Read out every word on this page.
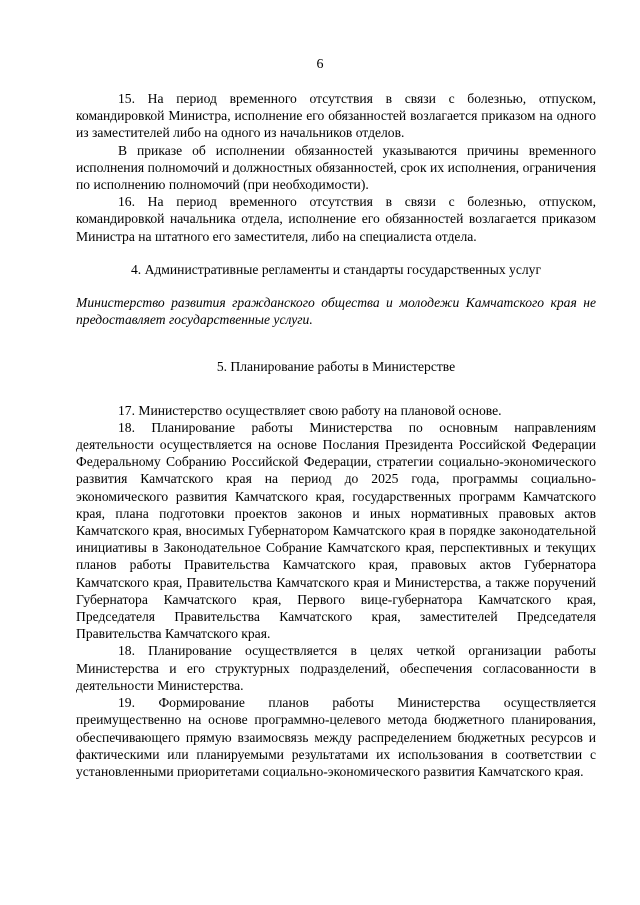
6

15. На период временного отсутствия в связи с болезнью, отпуском, командировкой Министра, исполнение его обязанностей возлагается приказом на одного из заместителей либо на одного из начальников отделов.

В приказе об исполнении обязанностей указываются причины временного исполнения полномочий и должностных обязанностей, срок их исполнения, ограничения по исполнению полномочий (при необходимости).

16. На период временного отсутствия в связи с болезнью, отпуском, командировкой начальника отдела, исполнение его обязанностей возлагается приказом Министра на штатного его заместителя, либо на специалиста отдела.

4. Административные регламенты и стандарты государственных услуг

Министерство развития гражданского общества и молодежи Камчатского края не предоставляет государственные услуги.

5. Планирование работы в Министерстве

17. Министерство осуществляет свою работу на плановой основе.

18. Планирование работы Министерства по основным направлениям деятельности осуществляется на основе Послания Президента Российской Федерации Федеральному Собранию Российской Федерации, стратегии социально-экономического развития Камчатского края на период до 2025 года, программы социально-экономического развития Камчатского края, государственных программ Камчатского края, плана подготовки проектов законов и иных нормативных правовых актов Камчатского края, вносимых Губернатором Камчатского края в порядке законодательной инициативы в Законодательное Собрание Камчатского края, перспективных и текущих планов работы Правительства Камчатского края, правовых актов Губернатора Камчатского края, Правительства Камчатского края и Министерства, а также поручений Губернатора Камчатского края, Первого вице-губернатора Камчатского края, Председателя Правительства Камчатского края, заместителей Председателя Правительства Камчатского края.

18. Планирование осуществляется в целях четкой организации работы Министерства и его структурных подразделений, обеспечения согласованности в деятельности Министерства.

19. Формирование планов работы Министерства осуществляется преимущественно на основе программно-целевого метода бюджетного планирования, обеспечивающего прямую взаимосвязь между распределением бюджетных ресурсов и фактическими или планируемыми результатами их использования в соответствии с установленными приоритетами социально-экономического развития Камчатского края.
